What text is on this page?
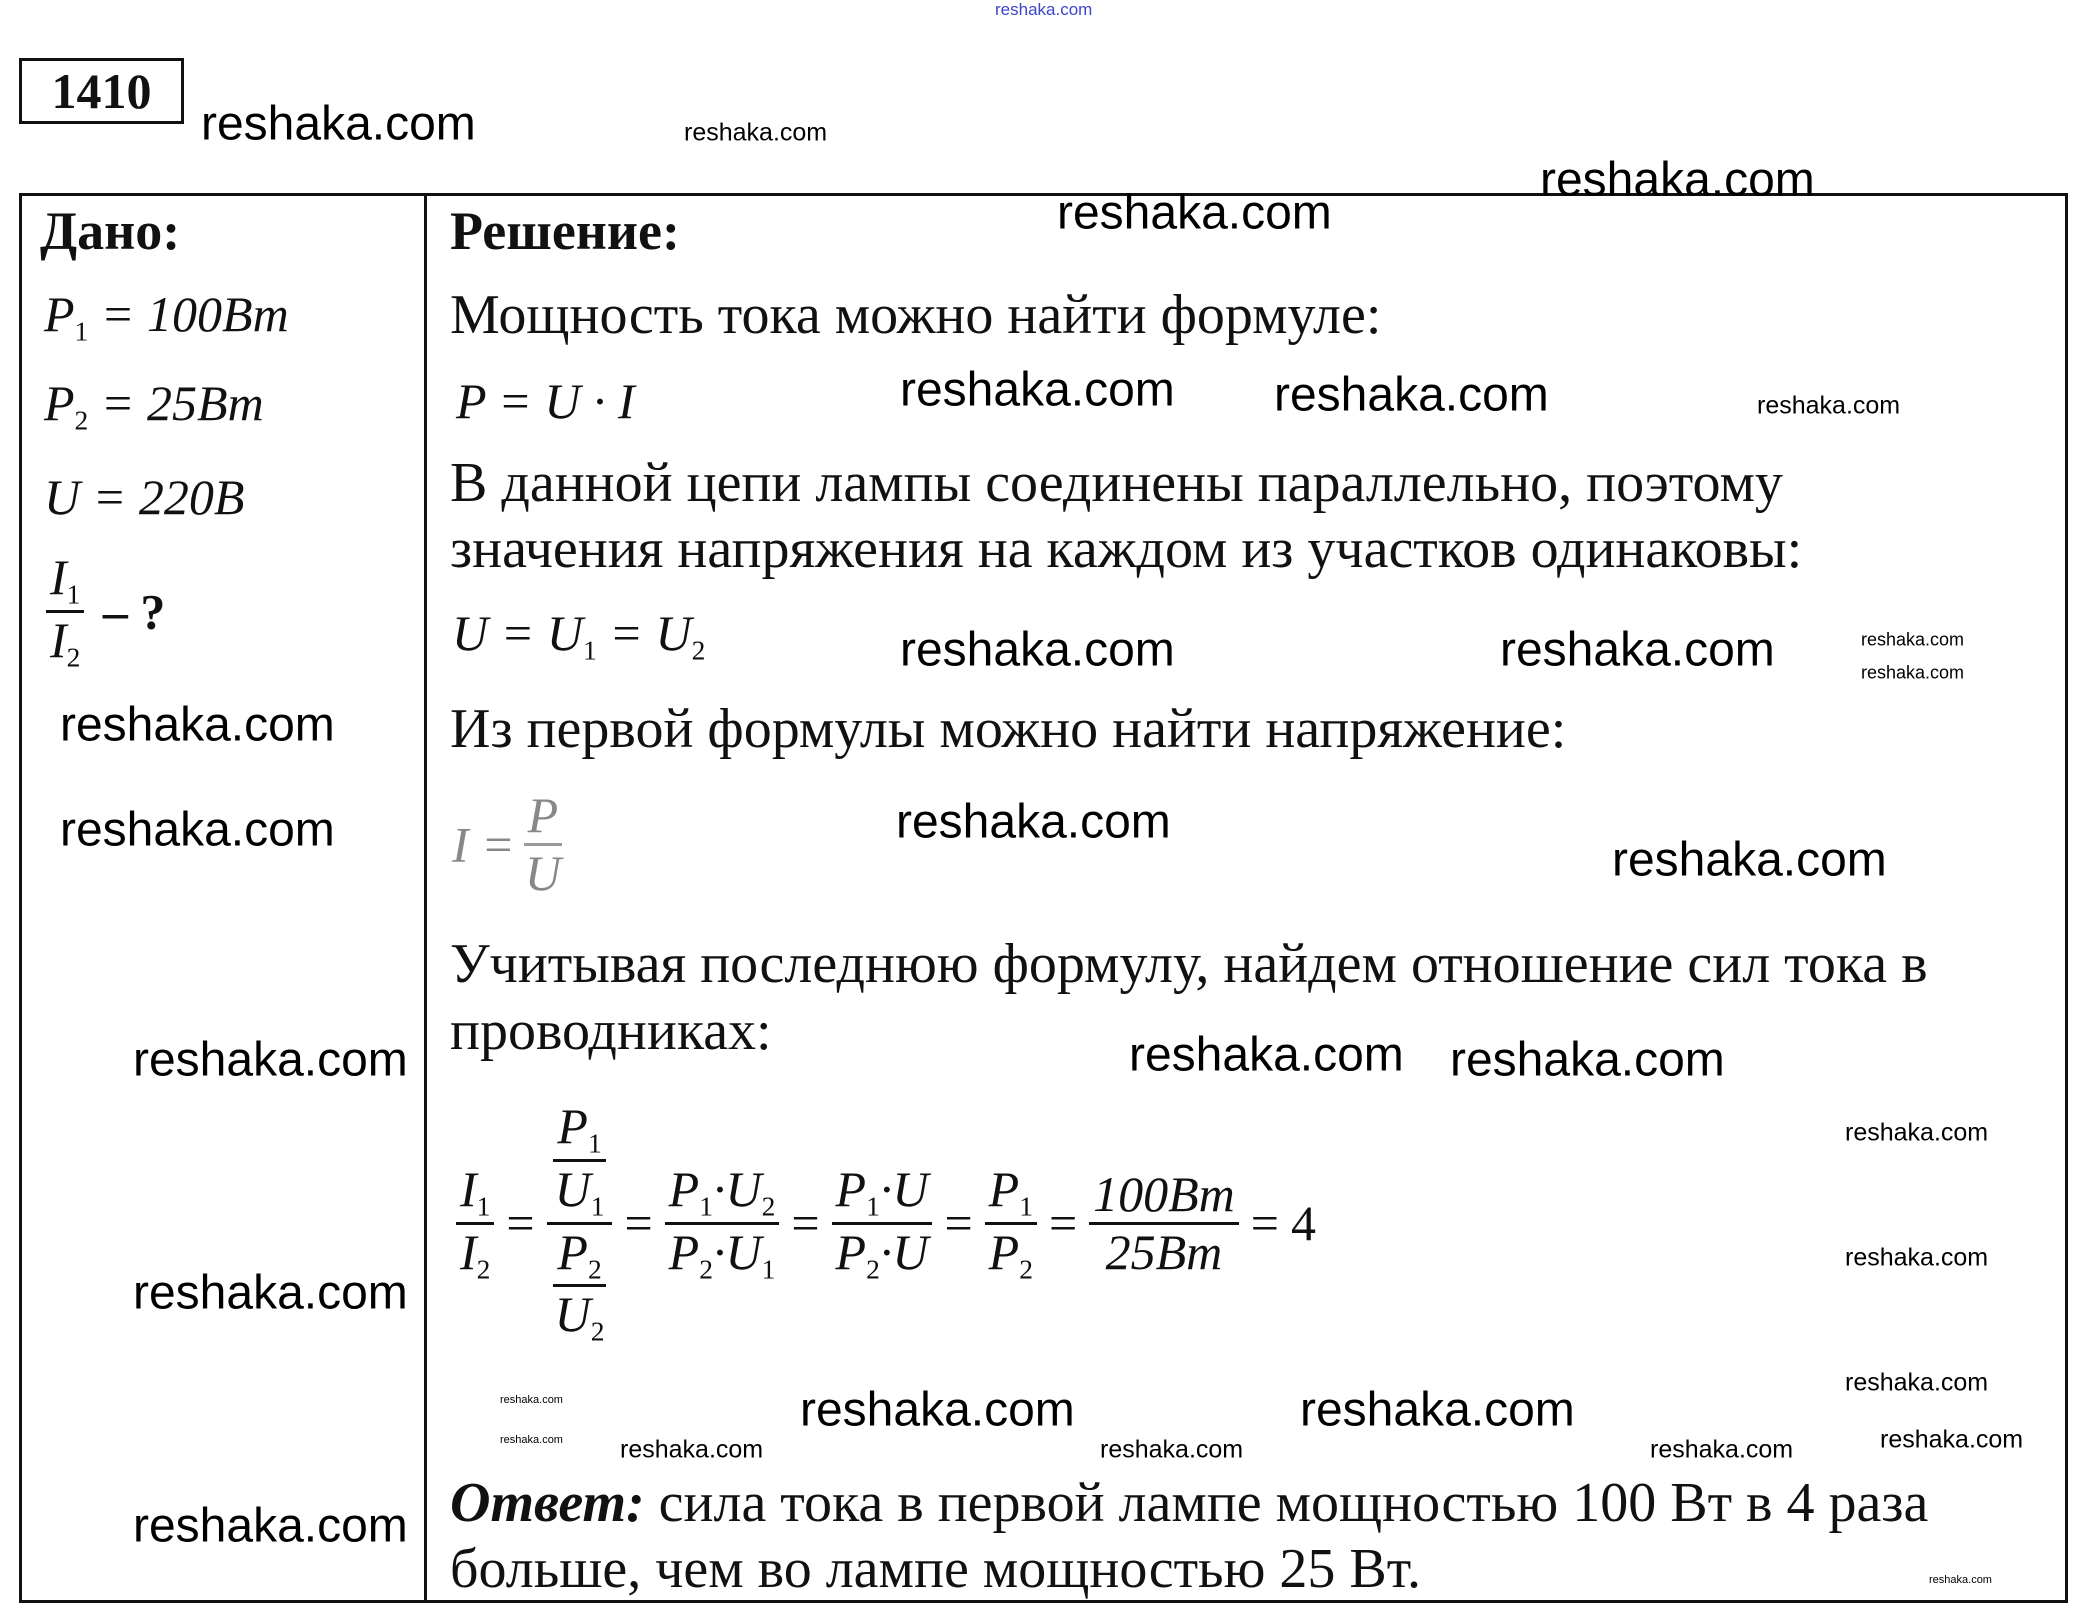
reshaka.com
1410
Дано:
$P_1 = 100Bm$
$P_2 = 25Bm$
U = 220B
$\frac{I_1}{I_2}$ – ?
Решение:
Мощность тока можно найти формуле:
P = U · I
В данной цепи лампы соединены параллельно, поэтому
значения напряжения на каждом из участков одинаковы:
$U = U_1 = U_2$
Из первой формулы можно найти напряжение:
$I = \frac{P}{U}$
Учитывая последнюю формулу, найдем отношение сил тока в
проводниках:
$\frac{I_1}{I_2} = \frac{\frac{P_1}{U_1}}{\frac{P_2}{U_2}} = \frac{P_1\cdot U_2}{P_2\cdot U_1} = \frac{P_1\cdot U}{P_2\cdot U} = \frac{P_1}{P_2} = \frac{100Bm}{25Bm} = 4$
Ответ: сила тока в первой лампе мощностью 100 Вт в 4 раза
больше, чем во лампе мощностью 25 Вт.
reshaka.com	reshaka.com
reshaka.com
reshaka.com
reshaka.com	reshaka.com
reshaka.com
reshaka.com
reshaka.com	reshaka.com
reshaka.com	reshaka.com
reshaka.com	reshaka.com
reshaka.com
reshaka.com	reshaka.com
reshaka.com
reshaka.com
reshaka.com
reshaka.com
reshaka.com
reshaka.com
reshaka.com
reshaka.com
reshaka.com
reshaka.com
reshaka.com	reshaka.com	reshaka.com	reshaka.com
reshaka.com
